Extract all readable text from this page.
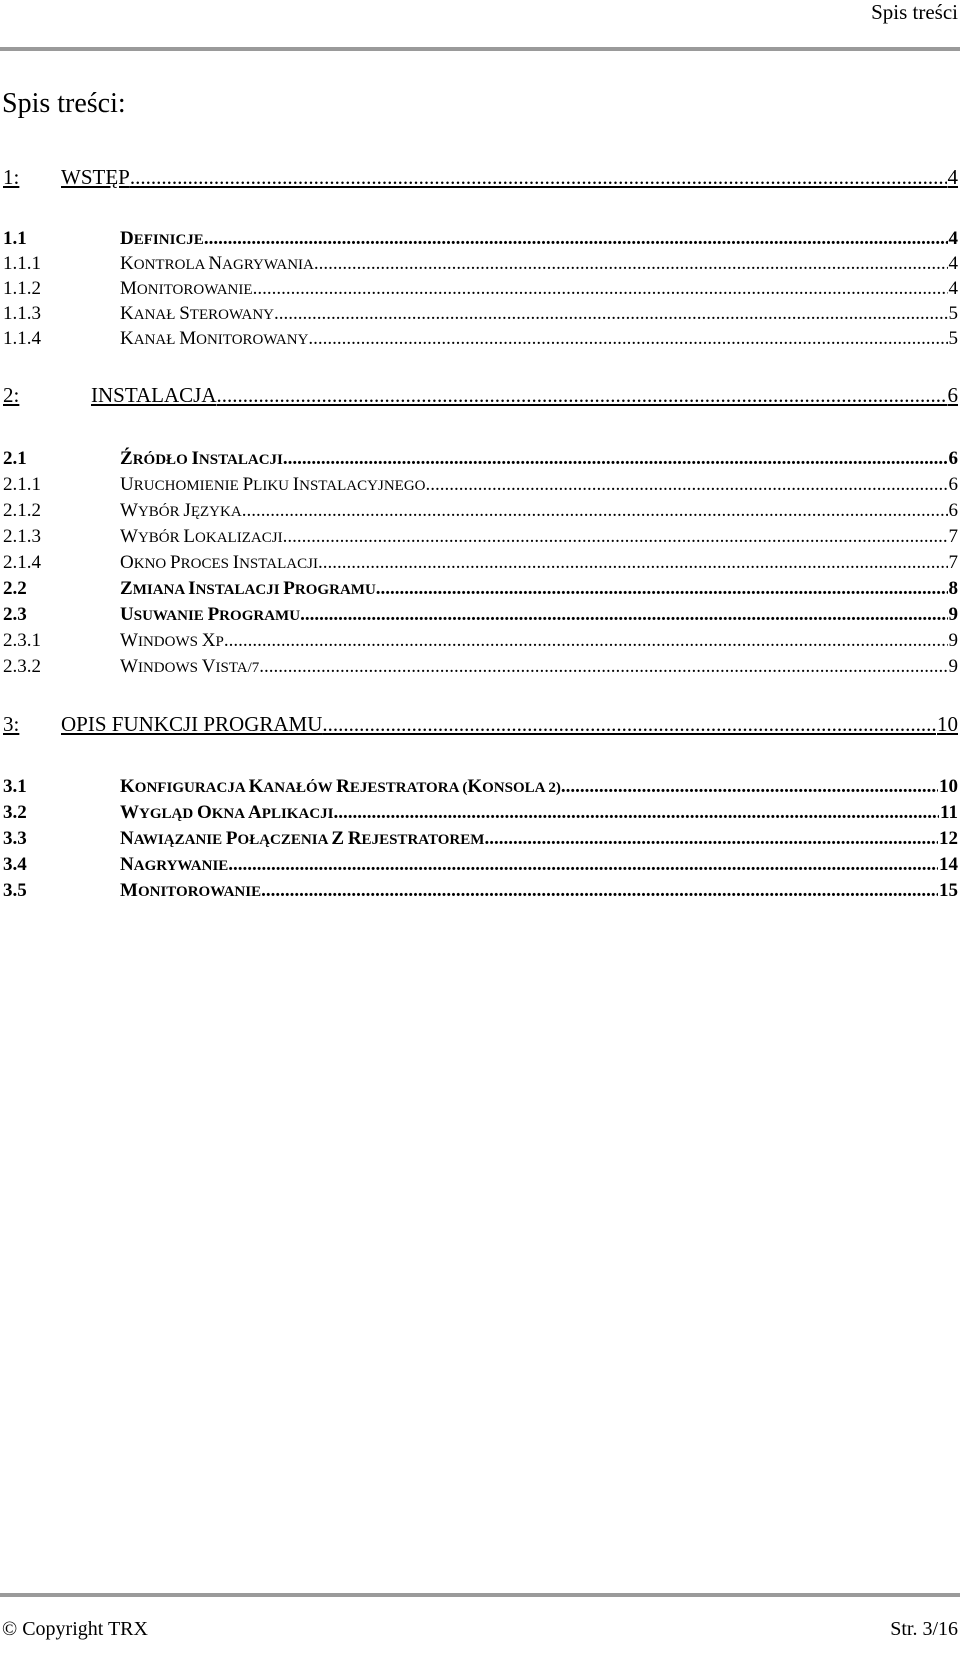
Spis treści
Spis treści:
1:	WSTĘP .....	4
1.1	DEFINICJE .....	4
1.1.1	KONTROLA NAGRYWANIA .....	4
1.1.2	MONITOROWANIE .....	4
1.1.3	KANAŁ STEROWANY .....	5
1.1.4	KANAŁ MONITOROWANY .....	5
2:	INSTALACJA .....	6
2.1	ŹRÓDŁO INSTALACJI .....	6
2.1.1	URUCHOMIENIE PLIKU INSTALACYJNEGO .....	6
2.1.2	WYBÓR JĘZYKA .....	6
2.1.3	WYBÓR LOKALIZACJI .....	7
2.1.4	OKNO PROCES INSTALACJI .....	7
2.2	ZMIANA INSTALACJI PROGRAMU .....	8
2.3	USUWANIE PROGRAMU .....	9
2.3.1	WINDOWS XP .....	9
2.3.2	WINDOWS VISTA/7 .....	9
3:	OPIS FUNKCJI PROGRAMU .....	10
3.1	KONFIGURACJA KANAŁÓW REJESTRATORA (KONSOLA 2) .....	10
3.2	WYGLĄD OKNA APLIKACJI .....	11
3.3	NAWIĄZANIE POŁĄCZENIA Z REJESTRATOREM .....	12
3.4	NAGRYWANIE .....	14
3.5	MONITOROWANIE .....	15
© Copyright TRX	Str. 3/16
